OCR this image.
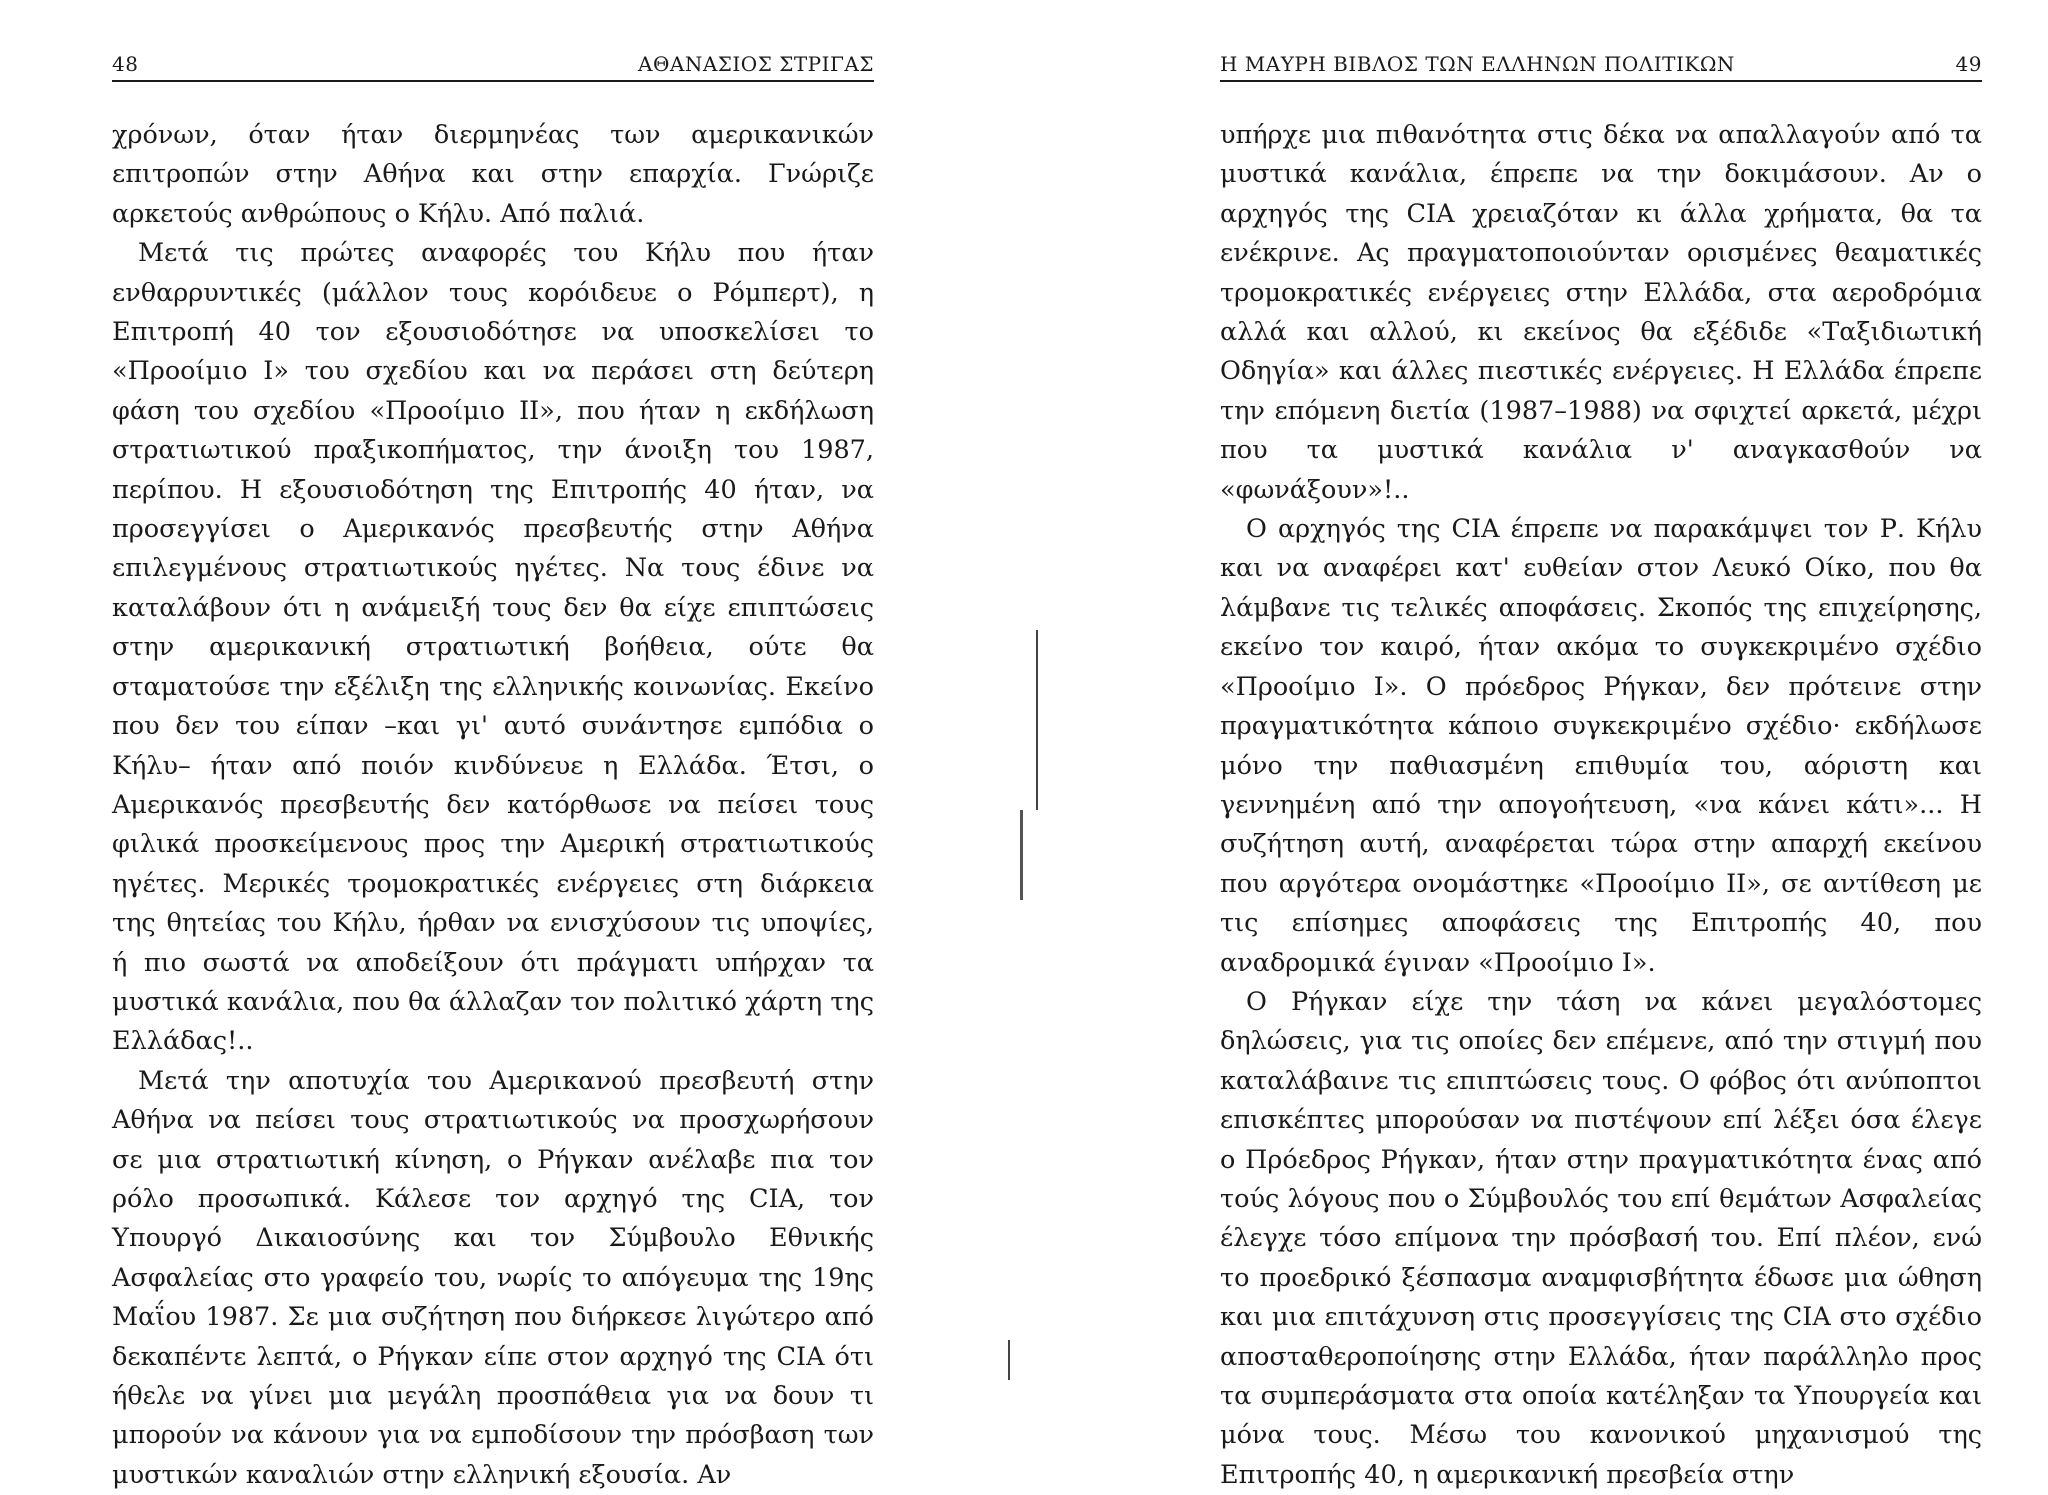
48	ΑΘΑΝΑΣΙΟΣ ΣΤΡΙΓΑΣ

χρόνων, όταν ήταν διερμηνέας των αμερικανικών επιτροπών στην Αθήνα και στην επαρχία. Γνώριζε αρκετούς ανθρώπους ο Κήλυ. Από παλιά.

Μετά τις πρώτες αναφορές του Κήλυ που ήταν ενθαρρυντικές (μάλλον τους κορόιδευε ο Ρόμπερτ), η Επιτροπή 40 τον εξουσιοδότησε να υποσκελίσει το «Προοίμιο Ι» του σχεδίου και να περάσει στη δεύτερη φάση του σχεδίου «Προοίμιο ΙΙ», που ήταν η εκδήλωση στρατιωτικού πραξικοπήματος, την άνοιξη του 1987, περίπου. Η εξουσιοδότηση της Επιτροπής 40 ήταν, να προσεγγίσει ο Αμερικανός πρεσβευτής στην Αθήνα επιλεγμένους στρατιωτικούς ηγέτες. Να τους έδινε να καταλάβουν ότι η ανάμειξή τους δεν θα είχε επιπτώσεις στην αμερικανική στρατιωτική βοήθεια, ούτε θα σταματούσε την εξέλιξη της ελληνικής κοινωνίας. Εκείνο που δεν του είπαν –και γι' αυτό συνάντησε εμπόδια ο Κήλυ– ήταν από ποιόν κινδύνευε η Ελλάδα. Έτσι, ο Αμερικανός πρεσβευτής δεν κατόρθωσε να πείσει τους φιλικά προσκείμενους προς την Αμερική στρατιωτικούς ηγέτες. Μερικές τρομοκρατικές ενέργειες στη διάρκεια της θητείας του Κήλυ, ήρθαν να ενισχύσουν τις υποψίες, ή πιο σωστά να αποδείξουν ότι πράγματι υπήρχαν τα μυστικά κανάλια, που θα άλλαζαν τον πολιτικό χάρτη της Ελλάδας!..

Μετά την αποτυχία του Αμερικανού πρεσβευτή στην Αθήνα να πείσει τους στρατιωτικούς να προσχωρήσουν σε μια στρατιωτική κίνηση, ο Ρήγκαν ανέλαβε πια τον ρόλο προσωπικά. Κάλεσε τον αρχηγό της CIA, τον Υπουργό Δικαιοσύνης και τον Σύμβουλο Εθνικής Ασφαλείας στο γραφείο του, νωρίς το απόγευμα της 19ης Μαΐου 1987. Σε μια συζήτηση που διήρκεσε λιγώτερο από δεκαπέντε λεπτά, ο Ρήγκαν είπε στον αρχηγό της CIA ότι ήθελε να γίνει μια μεγάλη προσπάθεια για να δουν τι μπορούν να κάνουν για να εμποδίσουν την πρόσβαση των μυστικών καναλιών στην ελληνική εξουσία. Αν

Η ΜΑΥΡΗ ΒΙΒΛΟΣ ΤΩΝ ΕΛΛΗΝΩΝ ΠΟΛΙΤΙΚΩΝ	49

υπήρχε μια πιθανότητα στις δέκα να απαλλαγούν από τα μυστικά κανάλια, έπρεπε να την δοκιμάσουν. Αν ο αρχηγός της CIA χρειαζόταν κι άλλα χρήματα, θα τα ενέκρινε. Ας πραγματοποιούνταν ορισμένες θεαματικές τρομοκρατικές ενέργειες στην Ελλάδα, στα αεροδρόμια αλλά και αλλού, κι εκείνος θα εξέδιδε «Ταξιδιωτική Οδηγία» και άλλες πιεστικές ενέργειες. Η Ελλάδα έπρεπε την επόμενη διετία (1987–1988) να σφιχτεί αρκετά, μέχρι που τα μυστικά κανάλια ν' αναγκασθούν να «φωνάξουν»!..

Ο αρχηγός της CIA έπρεπε να παρακάμψει τον Ρ. Κήλυ και να αναφέρει κατ' ευθείαν στον Λευκό Οίκο, που θα λάμβανε τις τελικές αποφάσεις. Σκοπός της επιχείρησης, εκείνο τον καιρό, ήταν ακόμα το συγκεκριμένο σχέδιο «Προοίμιο Ι». Ο πρόεδρος Ρήγκαν, δεν πρότεινε στην πραγματικότητα κάποιο συγκεκριμένο σχέδιο· εκδήλωσε μόνο την παθιασμένη επιθυμία του, αόριστη και γεννημένη από την απογοήτευση, «να κάνει κάτι»... Η συζήτηση αυτή, αναφέρεται τώρα στην απαρχή εκείνου που αργότερα ονομάστηκε «Προοίμιο ΙΙ», σε αντίθεση με τις επίσημες αποφάσεις της Επιτροπής 40, που αναδρομικά έγιναν «Προοίμιο Ι».

Ο Ρήγκαν είχε την τάση να κάνει μεγαλόστομες δηλώσεις, για τις οποίες δεν επέμενε, από την στιγμή που καταλάβαινε τις επιπτώσεις τους. Ο φόβος ότι ανύποπτοι επισκέπτες μπορούσαν να πιστέψουν επί λέξει όσα έλεγε ο Πρόεδρος Ρήγκαν, ήταν στην πραγματικότητα ένας από τούς λόγους που ο Σύμβουλός του επί θεμάτων Ασφαλείας έλεγχε τόσο επίμονα την πρόσβασή του. Επί πλέον, ενώ το προεδρικό ξέσπασμα αναμφισβήτητα έδωσε μια ώθηση και μια επιτάχυνση στις προσεγγίσεις της CIA στο σχέδιο αποσταθεροποίησης στην Ελλάδα, ήταν παράλληλο προς τα συμπεράσματα στα οποία κατέληξαν τα Υπουργεία και μόνα τους. Μέσω του κανονικού μηχανισμού της Επιτροπής 40, η αμερικανική πρεσβεία στην
